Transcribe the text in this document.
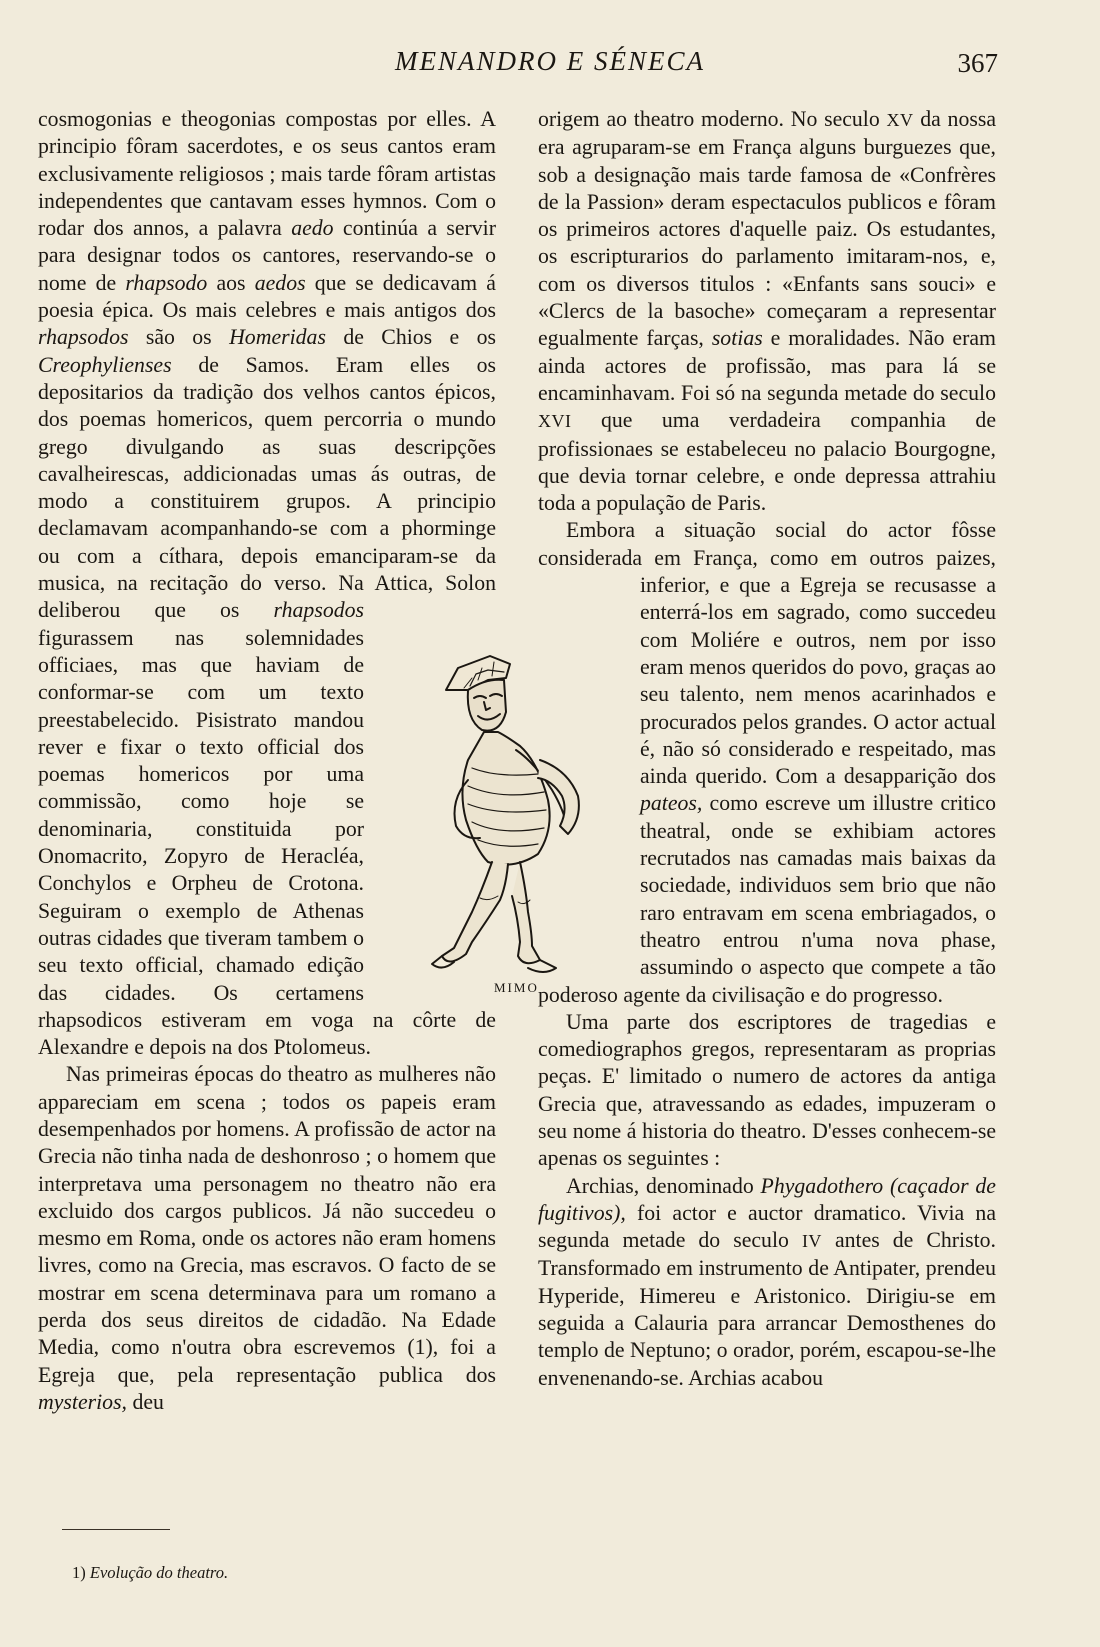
MENANDRO E SÉNECA	367

cosmogonias e theogonias compostas por elles. A principio fôram sacerdotes, e os seus cantos eram exclusivamente religiosos ; mais tarde fôram artistas independentes que cantavam esses hymnos. Com o rodar dos annos, a palavra aedo continúa a servir para designar todos os cantores, reservando-se o nome de rhapsodo aos aedos que se dedicavam á poesia épica. Os mais celebres e mais antigos dos rhapsodos são os Homeridas de Chios e os Creophylienses de Samos. Eram elles os depositarios da tradição dos velhos cantos épicos, dos poemas homericos, quem percorria o mundo grego divulgando as suas descripções cavalheirescas, addicionadas umas ás outras, de modo a constituirem grupos. A principio declamavam acompanhando-se com a phorminge ou com a cíthara, depois emanciparam-se da musica, na recitação do verso. Na Attica, Solon deliberou que os rhapsodos figurassem nas solemnidades officiaes, mas que haviam de conformar-se com um texto preestabelecido. Pisistrato mandou rever e fixar o texto official dos poemas homericos por uma commissão, como hoje se denominaria, constituida por Onomacrito, Zopyro de Heracléa, Conchylos e Orpheu de Crotona. Seguiram o exemplo de Athenas outras cidades que tiveram tambem o seu texto official, chamado edição das cidades. Os certamens rhapsodicos estiveram em voga na côrte de Alexandre e depois na dos Ptolomeus.

Nas primeiras épocas do theatro as mulheres não appareciam em scena ; todos os papeis eram desempenhados por homens. A profissão de actor na Grecia não tinha nada de deshonroso ; o homem que interpretava uma personagem no theatro não era excluido dos cargos publicos. Já não succedeu o mesmo em Roma, onde os actores não eram homens livres, como na Grecia, mas escravos. O facto de se mostrar em scena determinava para um romano a perda dos seus direitos de cidadão. Na Edade Media, como n'outra obra escrevemos (1), foi a Egreja que, pela representação publica dos mysterios, deu

origem ao theatro moderno. No seculo XV da nossa era agruparam-se em França alguns burguezes que, sob a designação mais tarde famosa de «Confrères de la Passion» deram espectaculos publicos e fôram os primeiros actores d'aquelle paiz. Os estudantes, os escripturarios do parlamento imitaram-nos, e, com os diversos titulos : «Enfants sans souci» e «Clercs de la basoche» começaram a representar egualmente farças, sotias e moralidades. Não eram ainda actores de profissão, mas para lá se encaminhavam. Foi só na segunda metade do seculo XVI que uma verdadeira companhia de profissionaes se estabeleceu no palacio Bourgogne, que devia tornar celebre, e onde depressa attrahiu toda a população de Paris.

Embora a situação social do actor fôsse considerada em França, como em outros paizes, inferior, e que a Egreja se recusasse a enterrá-los em sagrado, como succedeu com Moliére e outros, nem por isso eram menos queridos do povo, graças ao seu talento, nem menos acarinhados e procurados pelos grandes. O actor actual é, não só considerado e respeitado, mas ainda querido. Com a desapparição dos pateos, como escreve um illustre critico theatral, onde se exhibiam actores recrutados nas camadas mais baixas da sociedade, individuos sem brio que não raro entravam em scena embriagados, o theatro entrou n'uma nova phase, assumindo o aspecto que compete a tão poderoso agente da civilisação e do progresso.

Uma parte dos escriptores de tragedias e comediographos gregos, representaram as proprias peças. E' limitado o numero de actores da antiga Grecia que, atravessando as edades, impuzeram o seu nome á historia do theatro. D'esses conhecem-se apenas os seguintes :

Archias, denominado Phygadothero (caçador de fugitivos), foi actor e auctor dramatico. Vivia na segunda metade do seculo IV antes de Christo. Transformado em instrumento de Antipater, prendeu Hyperide, Himereu e Aristonico. Dirigiu-se em seguida a Calauria para arrancar Demosthenes do templo de Neptuno; o orador, porém, escapou-se-lhe envenenando-se. Archias acabou

MIMO
1) Evolução do theatro.
